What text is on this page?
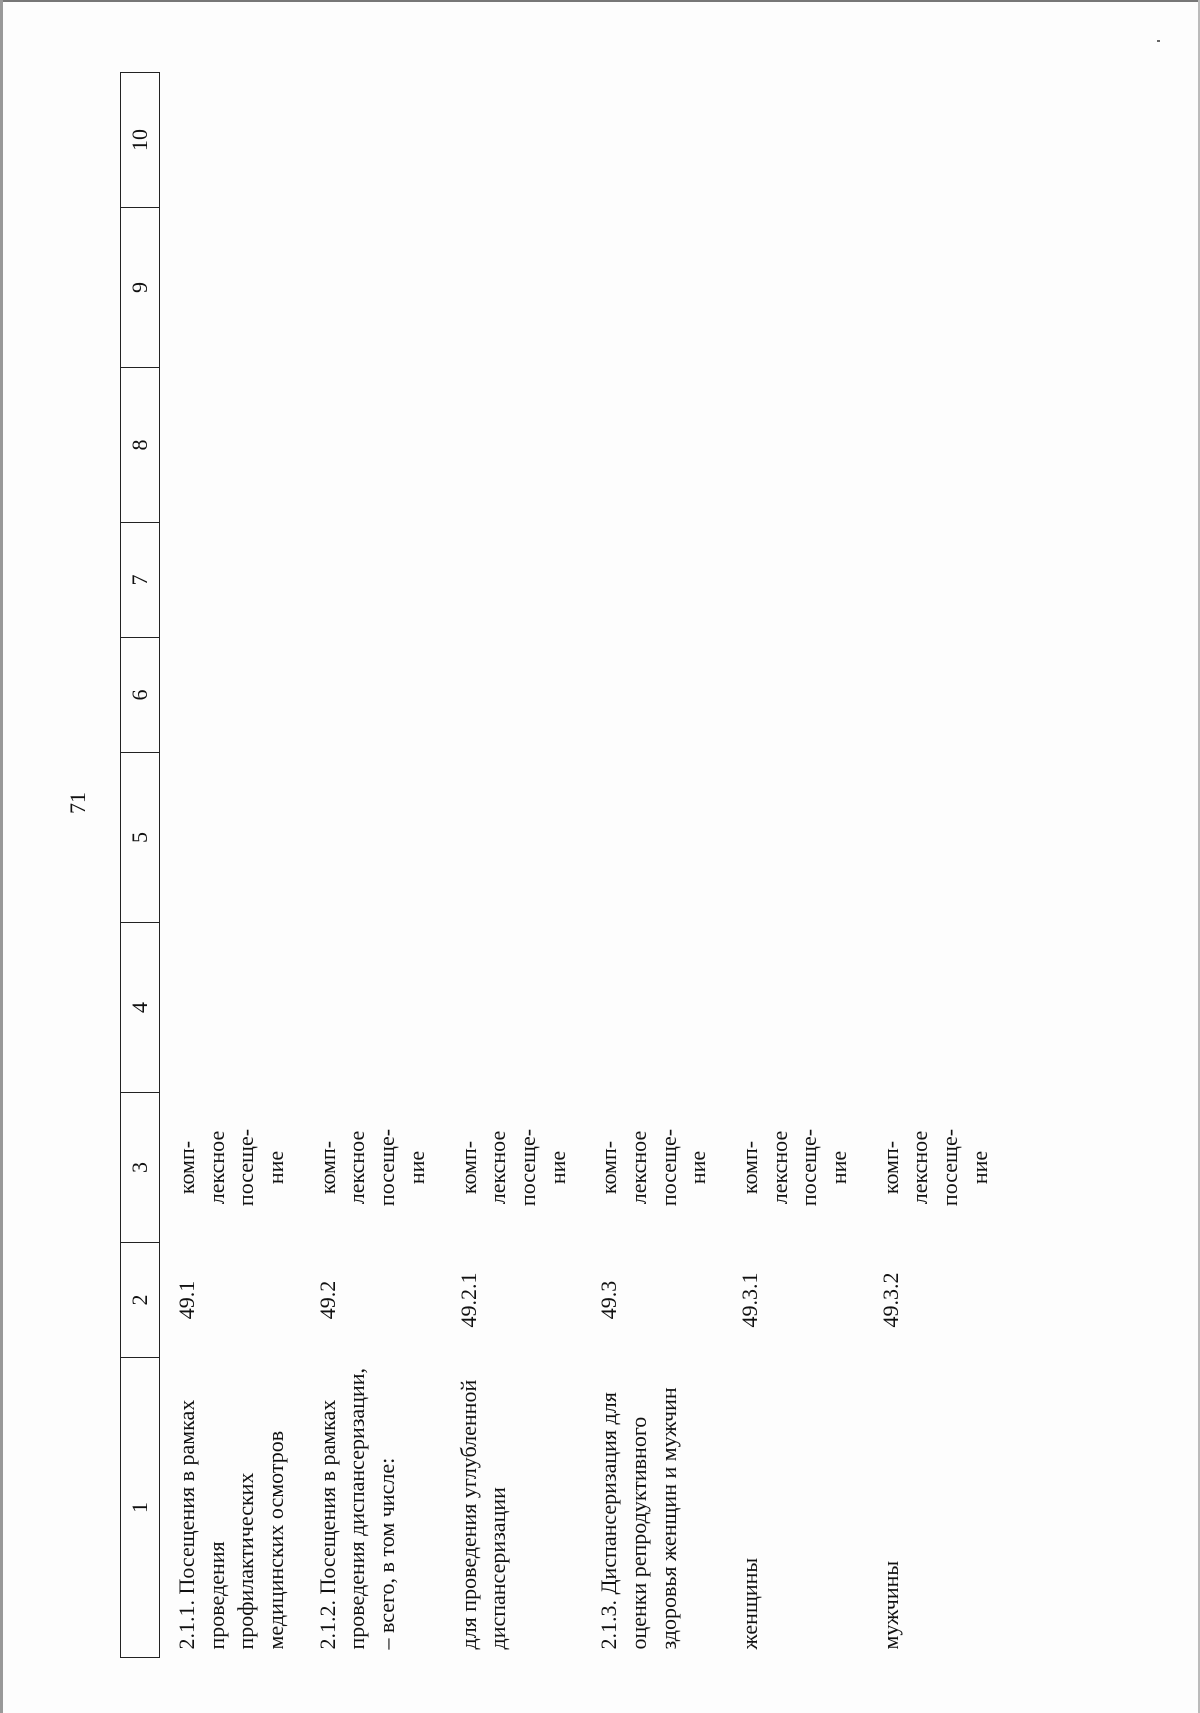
71
1	2	3	4	5	6	7	8	9	10
2.1.1. Посещения в рамках проведения профилактических медицинских осмотров	49.1	комп- лексное посеще- ние							

2.1.2. Посещения в рамках проведения диспансеризации, – всего, в том числе:	49.2	комп- лексное посеще- ние							

для проведения углубленной диспансеризации	49.2.1	комп- лексное посеще- ние							

2.1.3. Диспансеризация для оценки репродуктивного здоровья женщин и мужчин	49.3	комп- лексное посеще- ние							

женщины	49.3.1	комп- лексное посеще- ние							

мужчины	49.3.2	комп- лексное посеще- ние							
